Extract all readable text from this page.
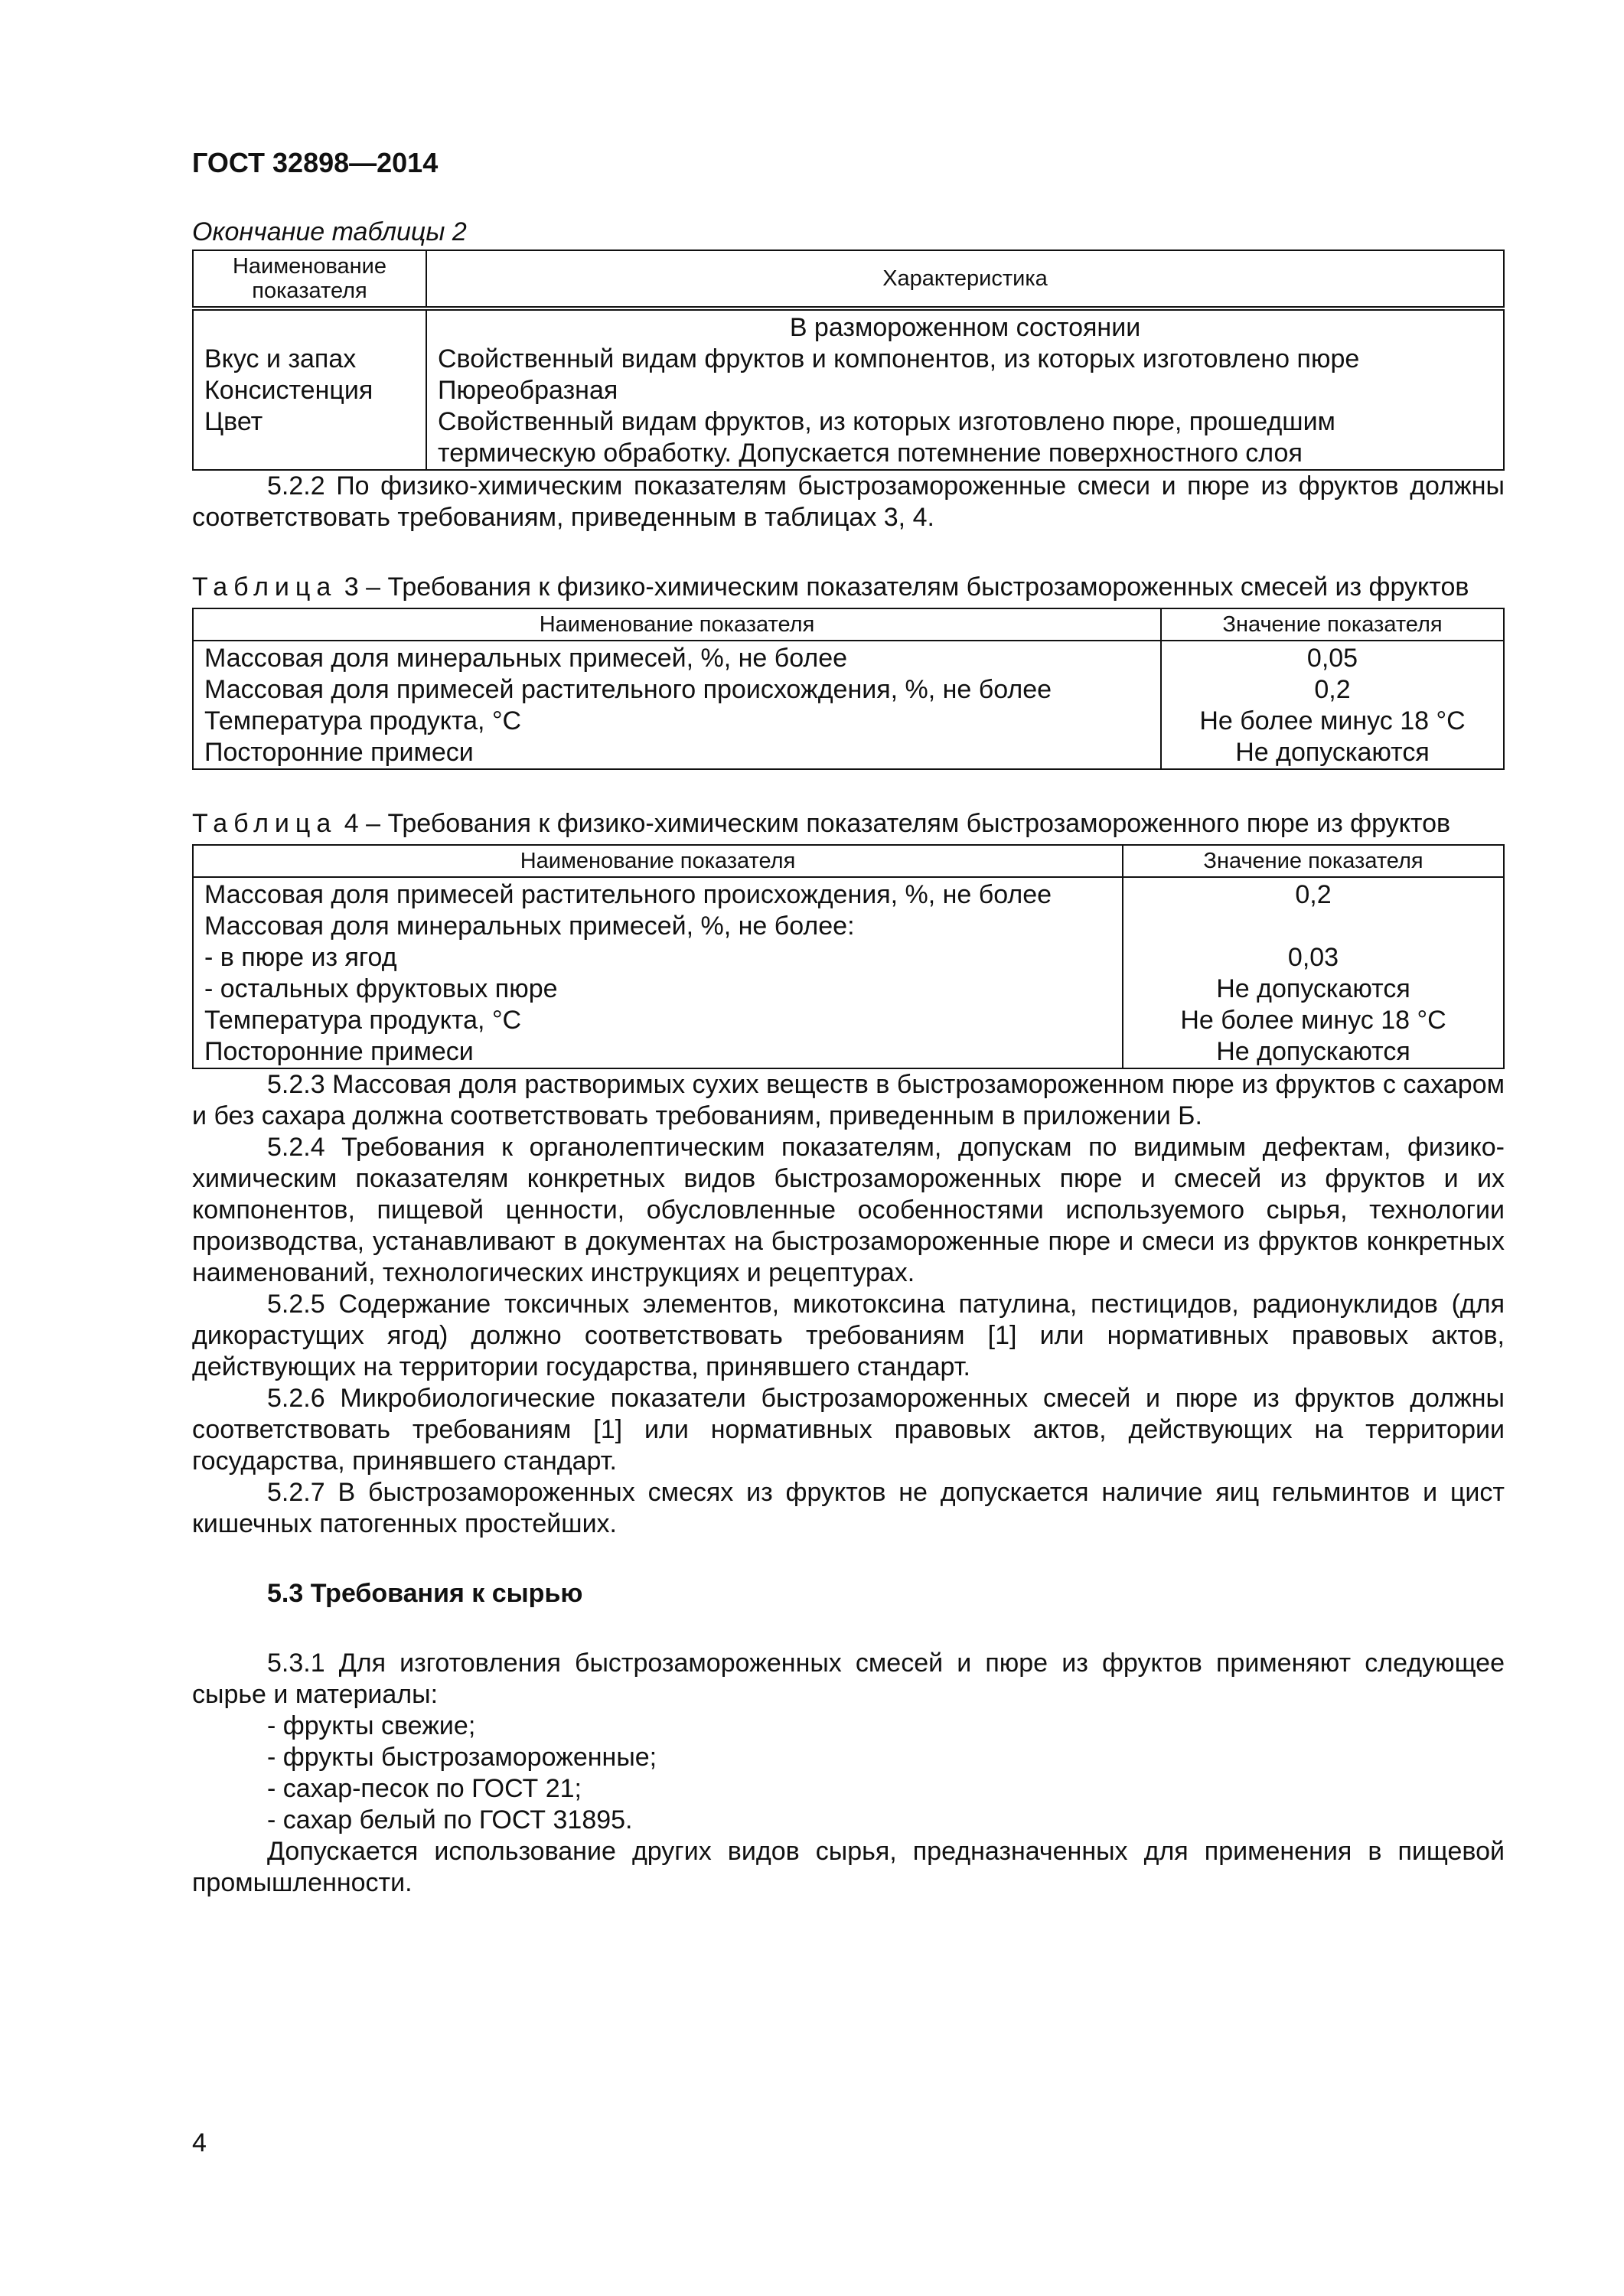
ГОСТ 32898—2014
Окончание таблицы 2
Наименование показателя	Характеристика
	В размороженном состоянии
Вкус и запах	Свойственный видам фруктов и компонентов, из которых изготовлено пюре
Консистенция	Пюреобразная
Цвет	Свойственный видам фруктов, из которых изготовлено пюре, прошедшим термическую обработку. Допускается потемнение поверхностного слоя

5.2.2 По физико-химическим показателям быстрозамороженные смеси и пюре из фруктов должны соответствовать требованиям, приведенным в таблицах 3, 4.

Таблица 3 – Требования к физико-химическим показателям быстрозамороженных смесей из фруктов
Наименование показателя	Значение показателя
Массовая доля минеральных примесей, %, не более	0,05
Массовая доля примесей растительного происхождения, %, не более	0,2
Температура продукта, °С	Не более минус 18 °С
Посторонние примеси	Не допускаются
Таблица 4 – Требования к физико-химическим показателям быстрозамороженного пюре из фруктов
Наименование показателя	Значение показателя
Массовая доля примесей растительного происхождения, %, не более	0,2
Массовая доля минеральных примесей, %, не более:	
- в пюре из ягод	0,03
- остальных фруктовых пюре	Не допускаются
Температура продукта, °С	Не более минус 18 °С
Посторонние примеси	Не допускаются

5.2.3 Массовая доля растворимых сухих веществ в быстрозамороженном пюре из фруктов с сахаром и без сахара должна соответствовать требованиям, приведенным в приложении Б.

5.2.4 Требования к органолептическим показателям, допускам по видимым дефектам, физико-химическим показателям конкретных видов быстрозамороженных пюре и смесей из фруктов и их компонентов, пищевой ценности, обусловленные особенностями используемого сырья, технологии производства, устанавливают в документах на быстрозамороженные пюре и смеси из фруктов конкретных наименований, технологических инструкциях и рецептурах.

5.2.5 Содержание токсичных элементов, микотоксина патулина, пестицидов, радионуклидов (для дикорастущих ягод) должно соответствовать требованиям [1] или нормативных правовых актов, действующих на территории государства, принявшего стандарт.

5.2.6 Микробиологические показатели быстрозамороженных смесей и пюре из фруктов должны соответствовать требованиям [1] или нормативных правовых актов, действующих на территории государства, принявшего стандарт.

5.2.7 В быстрозамороженных смесях из фруктов не допускается наличие яиц гельминтов и цист кишечных патогенных простейших.

5.3 Требования к сырью

5.3.1 Для изготовления быстрозамороженных смесей и пюре из фруктов применяют следующее сырье и материалы:

- фрукты свежие;
- фрукты быстрозамороженные;
- сахар-песок по ГОСТ 21;
- сахар белый по ГОСТ 31895.

Допускается использование других видов сырья, предназначенных для применения в пищевой промышленности.

4
